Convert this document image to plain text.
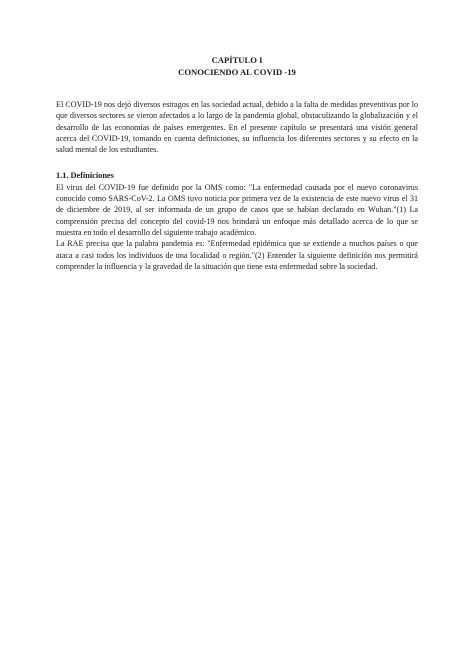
CAPÍTULO I
CONOCIENDO AL COVID -19

El COVID-19 nos dejó diversos estragos en las sociedad actual, debido a la falta de medidas preventivas por lo que diversos sectores se vieron afectados a lo largo de la pandemia global, obstaculizando la globalización y el desarrollo de las economías de países emergentes. En el presente capítulo se presentará una visión general acerca del COVID-19, tomando en cuenta definiciones, su influencia los diferentes sectores y su efecto en la salud mental de los estudiantes.

1.1. Definiciones

El virus del COVID-19 fue definido por la OMS como: "La enfermedad causada por el nuevo coronavirus conocido como SARS-CoV-2. La OMS tuvo noticia por primera vez de la existencia de este nuevo virus el 31 de diciembre de 2019, al ser informada de un grupo de casos que se habían declarado en Wuhan."(1) La comprensión precisa del concepto del covid-19 nos brindará un enfoque más detallado acerca de lo que se muestra en todo el desarrollo del siguiente trabajo académico.

La RAE precisa que la palabra pandemia es: "Enfermedad epidémica que se extiende a muchos países o que ataca a casi todos los individuos de una localidad o región."(2) Entender la siguiente definición nos permitirá comprender la influencia y la gravedad de la situación que tiene esta enfermedad sobre la sociedad.
